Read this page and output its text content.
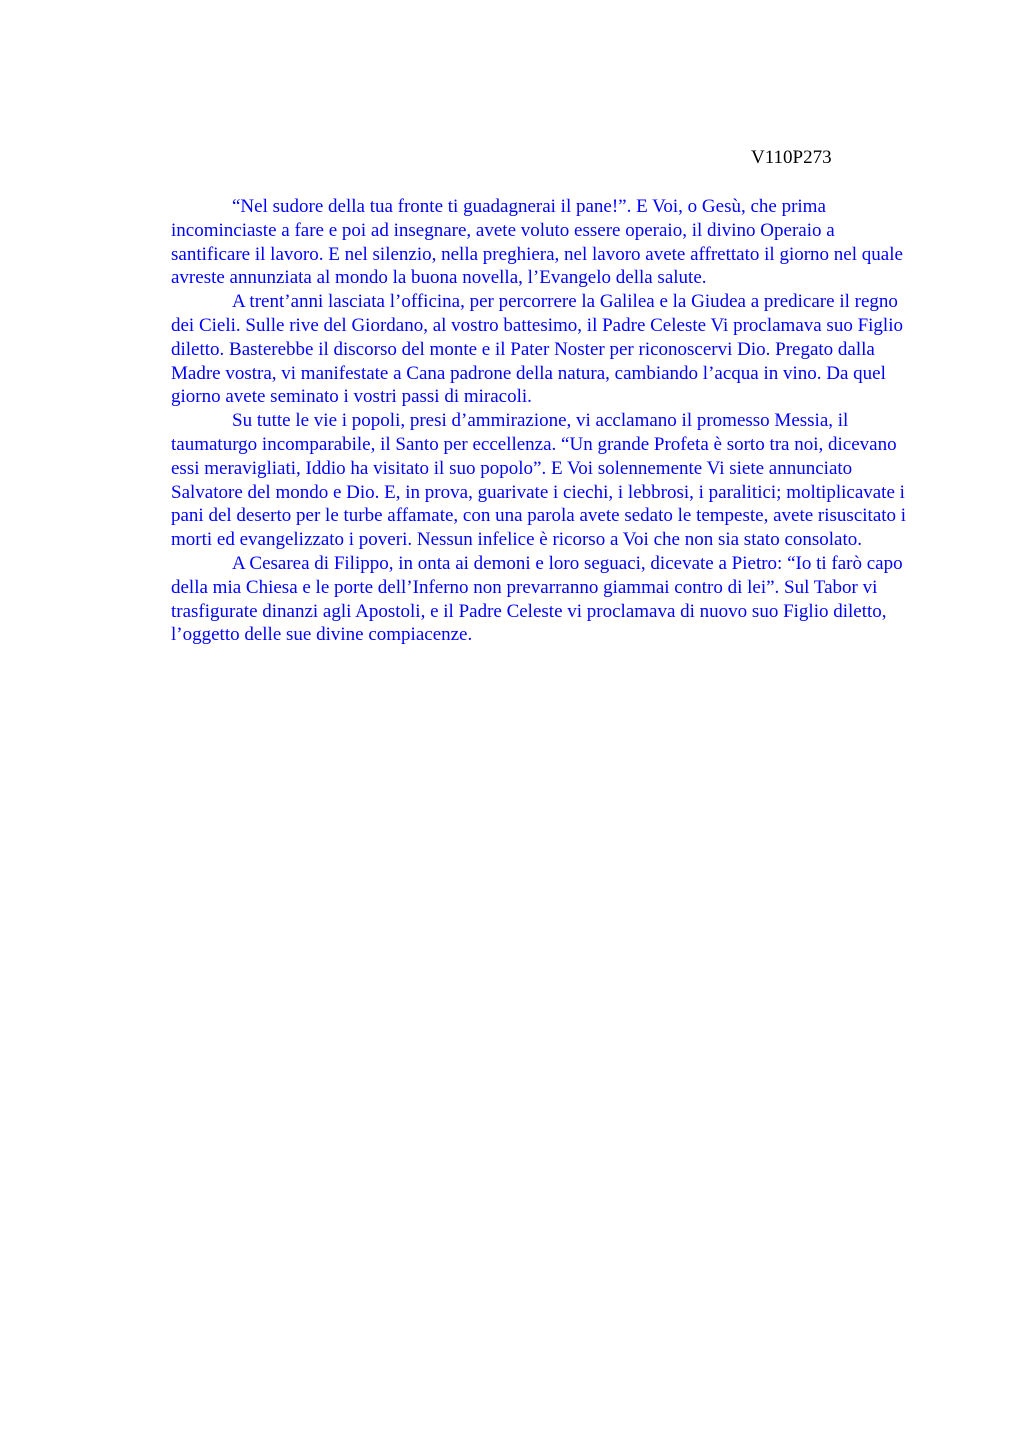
V110P273

“Nel sudore della tua fronte ti guadagnerai il pane!”. E Voi, o Gesù, che prima incominciaste a fare e poi ad insegnare, avete voluto essere operaio, il divino Operaio a santificare il lavoro. E nel silenzio, nella preghiera, nel lavoro avete affrettato il giorno nel quale avreste annunziata al mondo la buona novella, l’Evangelo della salute.

A trent’anni lasciata l’officina, per percorrere la Galilea e la Giudea a predicare il regno dei Cieli. Sulle rive del Giordano, al vostro battesimo, il Padre Celeste Vi proclamava suo Figlio diletto. Basterebbe il discorso del monte e il Pater Noster per riconoscervi Dio. Pregato dalla Madre vostra, vi manifestate a Cana padrone della natura, cambiando l’acqua in vino. Da quel giorno avete seminato i vostri passi di miracoli.

Su tutte le vie i popoli, presi d’ammirazione, vi acclamano il promesso Messia, il taumaturgo incomparabile, il Santo per eccellenza. “Un grande Profeta è sorto tra noi, dicevano essi meravigliati, Iddio ha visitato il suo popolo”. E Voi solennemente Vi siete annunciato Salvatore del mondo e Dio. E, in prova, guarivate i ciechi, i lebbrosi, i paralitici; moltiplicavate i pani del deserto per le turbe affamate, con una parola avete sedato le tempeste, avete risuscitato i morti ed evangelizzato i poveri. Nessun infelice è ricorso a Voi che non sia stato consolato.

A Cesarea di Filippo, in onta ai demoni e loro seguaci, dicevate a Pietro: “Io ti farò capo della mia Chiesa e le porte dell’Inferno non prevarranno giammai contro di lei”. Sul Tabor vi trasfigurate dinanzi agli Apostoli, e il Padre Celeste vi proclamava di nuovo suo Figlio diletto, l’oggetto delle sue divine compiacenze.
